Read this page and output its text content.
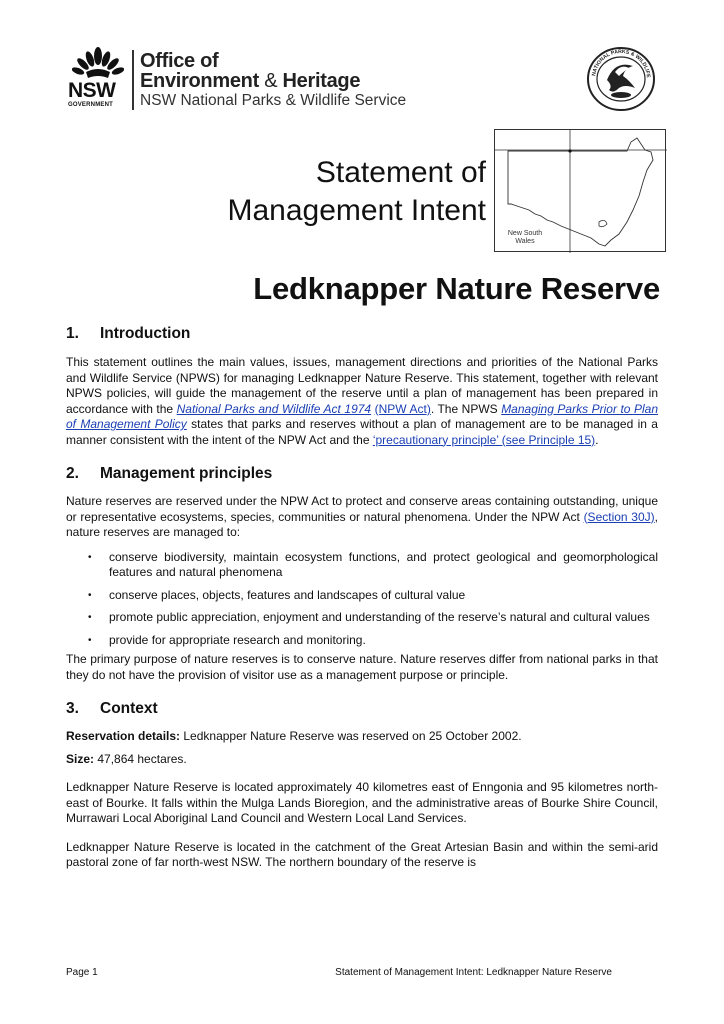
NSW
GOVERNMENT
Office of
Environment & Heritage
NSW National Parks & Wildlife Service
NATIONAL PARKS & WILDLIFE
Statement of
Management Intent
New South
Wales
Ledknapper Nature Reserve
1.	Introduction

This statement outlines the main values, issues, management directions and priorities of the National Parks and Wildlife Service (NPWS) for managing Ledknapper Nature Reserve. This statement, together with relevant NPWS policies, will guide the management of the reserve until a plan of management has been prepared in accordance with the National Parks and Wildlife Act 1974 (NPW Act). The NPWS Managing Parks Prior to Plan of Management Policy states that parks and reserves without a plan of management are to be managed in a manner consistent with the intent of the NPW Act and the ‘precautionary principle’ (see Principle 15).

2.	Management principles

Nature reserves are reserved under the NPW Act to protect and conserve areas containing outstanding, unique or representative ecosystems, species, communities or natural phenomena. Under the NPW Act (Section 30J), nature reserves are managed to:

• conserve biodiversity, maintain ecosystem functions, and protect geological and geomorphological features and natural phenomena
• conserve places, objects, features and landscapes of cultural value
• promote public appreciation, enjoyment and understanding of the reserve’s natural and cultural values
• provide for appropriate research and monitoring.

The primary purpose of nature reserves is to conserve nature. Nature reserves differ from national parks in that they do not have the provision of visitor use as a management purpose or principle.

3.	Context

Reservation details: Ledknapper Nature Reserve was reserved on 25 October 2002.

Size: 47,864 hectares.

Ledknapper Nature Reserve is located approximately 40 kilometres east of Enngonia and 95 kilometres north-east of Bourke. It falls within the Mulga Lands Bioregion, and the administrative areas of Bourke Shire Council, Murrawari Local Aboriginal Land Council and Western Local Land Services.

Ledknapper Nature Reserve is located in the catchment of the Great Artesian Basin and within the semi-arid pastoral zone of far north-west NSW. The northern boundary of the reserve is

Page 1	Statement of Management Intent: Ledknapper Nature Reserve
